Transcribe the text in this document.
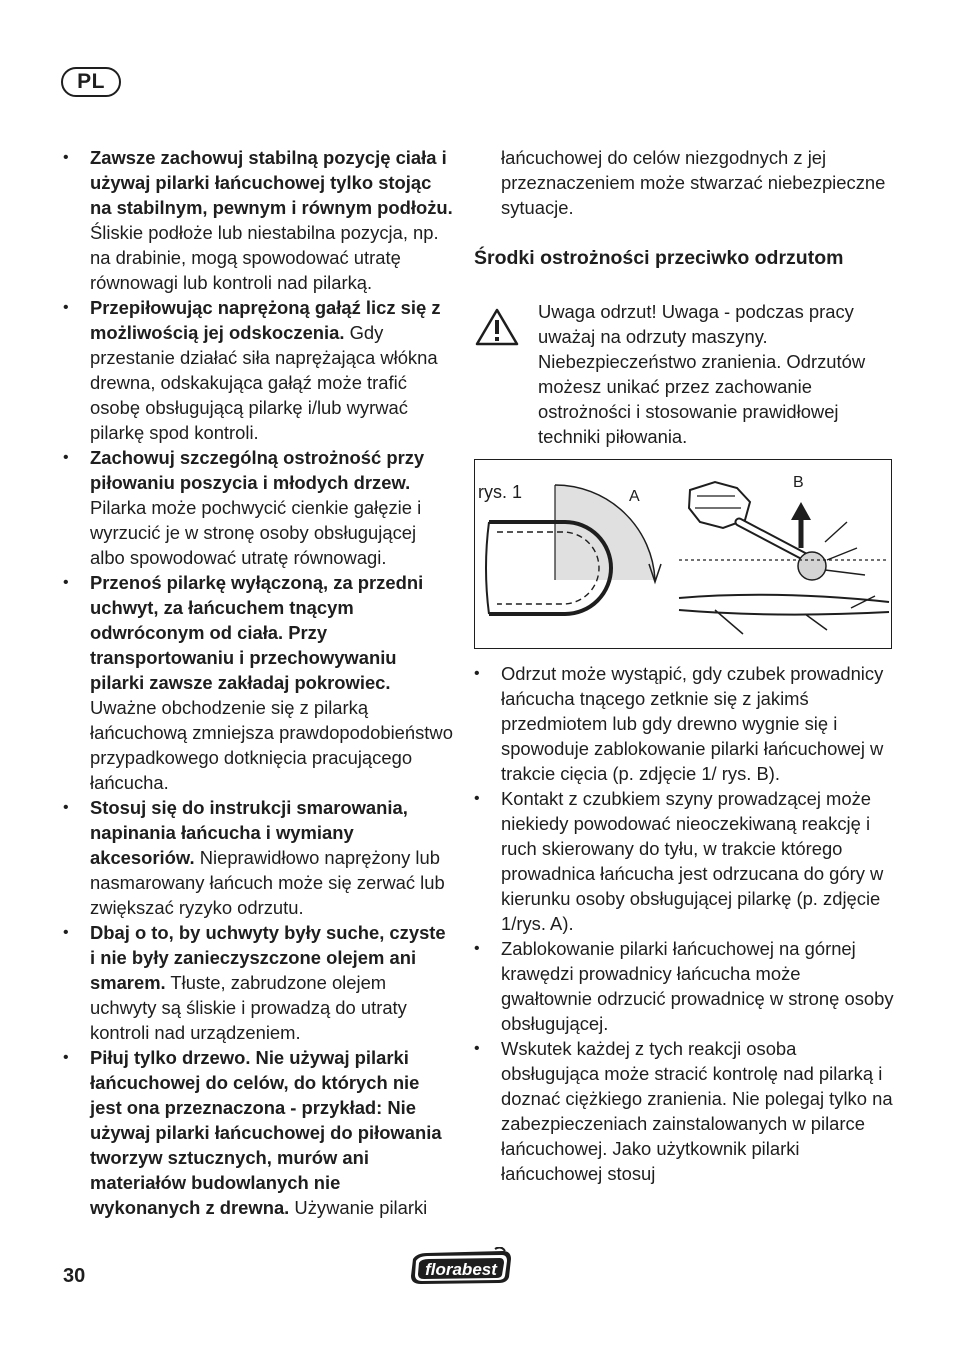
PL
• Zawsze zachowuj stabilną pozycję ciała i używaj pilarki łańcuchowej tylko stojąc na stabilnym, pewnym i równym podłożu. Śliskie podłoże lub niestabilna pozycja, np. na drabinie, mogą spowodować utratę równowagi lub kontroli nad pilarką.
• Przepiłowując naprężoną gałąź licz się z możliwością jej odskoczenia. Gdy przestanie działać siła naprężająca włókna drewna, odskakująca gałąź może trafić osobę obsługującą pilarkę i/lub wyrwać pilarkę spod kontroli.
• Zachowuj szczególną ostrożność przy piłowaniu poszycia i młodych drzew. Pilarka może pochwycić cienkie gałęzie i wyrzucić je w stronę osoby obsługującej albo spowodować utratę równowagi.
• Przenoś pilarkę wyłączoną, za przedni uchwyt, za łańcuchem tnącym odwróconym od ciała. Przy transportowaniu i przechowywaniu pilarki zawsze zakładaj pokrowiec. Uważne obchodzenie się z pilarką łańcuchową zmniejsza prawdopodobieństwo przypadkowego dotknięcia pracującego łańcucha.
• Stosuj się do instrukcji smarowania, napinania łańcucha i wymiany akcesoriów. Nieprawidłowo naprężony lub nasmarowany łańcuch może się zerwać lub zwiększać ryzyko odrzutu.
• Dbaj o to, by uchwyty były suche, czyste i nie były zanieczyszczone olejem ani smarem. Tłuste, zabrudzone olejem uchwyty są śliskie i prowadzą do utraty kontroli nad urządzeniem.
• Piłuj tylko drzewo. Nie używaj pilarki łańcuchowej do celów, do których nie jest ona przeznaczona - przykład: Nie używaj pilarki łańcuchowej do piłowania tworzyw sztucznych, murów ani materiałów budowlanych nie wykonanych z drewna. Używanie pilarki
łańcuchowej do celów niezgodnych z jej przeznaczeniem może stwarzać niebezpieczne sytuacje.
Środki ostrożności przeciwko odrzutom
Uwaga odrzut! Uwaga - podczas pracy uważaj na odrzuty maszyny. Niebezpieczeństwo zranienia. Odrzutów możesz unikać przez zachowanie ostrożności i stosowanie prawidłowej techniki piłowania.
rys. 1	A
B
• Odrzut może wystąpić, gdy czubek prowadnicy łańcucha tnącego zetknie się z jakimś przedmiotem lub gdy drewno wygnie się i spowoduje zablokowanie pilarki łańcuchowej w trakcie cięcia (p. zdjęcie 1/ rys. B).
• Kontakt z czubkiem szyny prowadzącej może niekiedy powodować nieoczekiwaną reakcję i ruch skierowany do tyłu, w trakcie którego prowadnica łańcucha jest odrzucana do góry w kierunku osoby obsługującej pilarkę (p. zdjęcie 1/rys. A).
• Zablokowanie pilarki łańcuchowej na górnej krawędzi prowadnicy łańcucha może gwałtownie odrzucić prowadnicę w stronę osoby obsługującej.
• Wskutek każdej z tych reakcji osoba obsługująca może stracić kontrolę nad pilarką i doznać ciężkiego zranienia. Nie polegaj tylko na zabezpieczeniach zainstalowanych w pilarce łańcuchowej. Jako użytkownik pilarki łańcuchowej stosuj
30	florabest
